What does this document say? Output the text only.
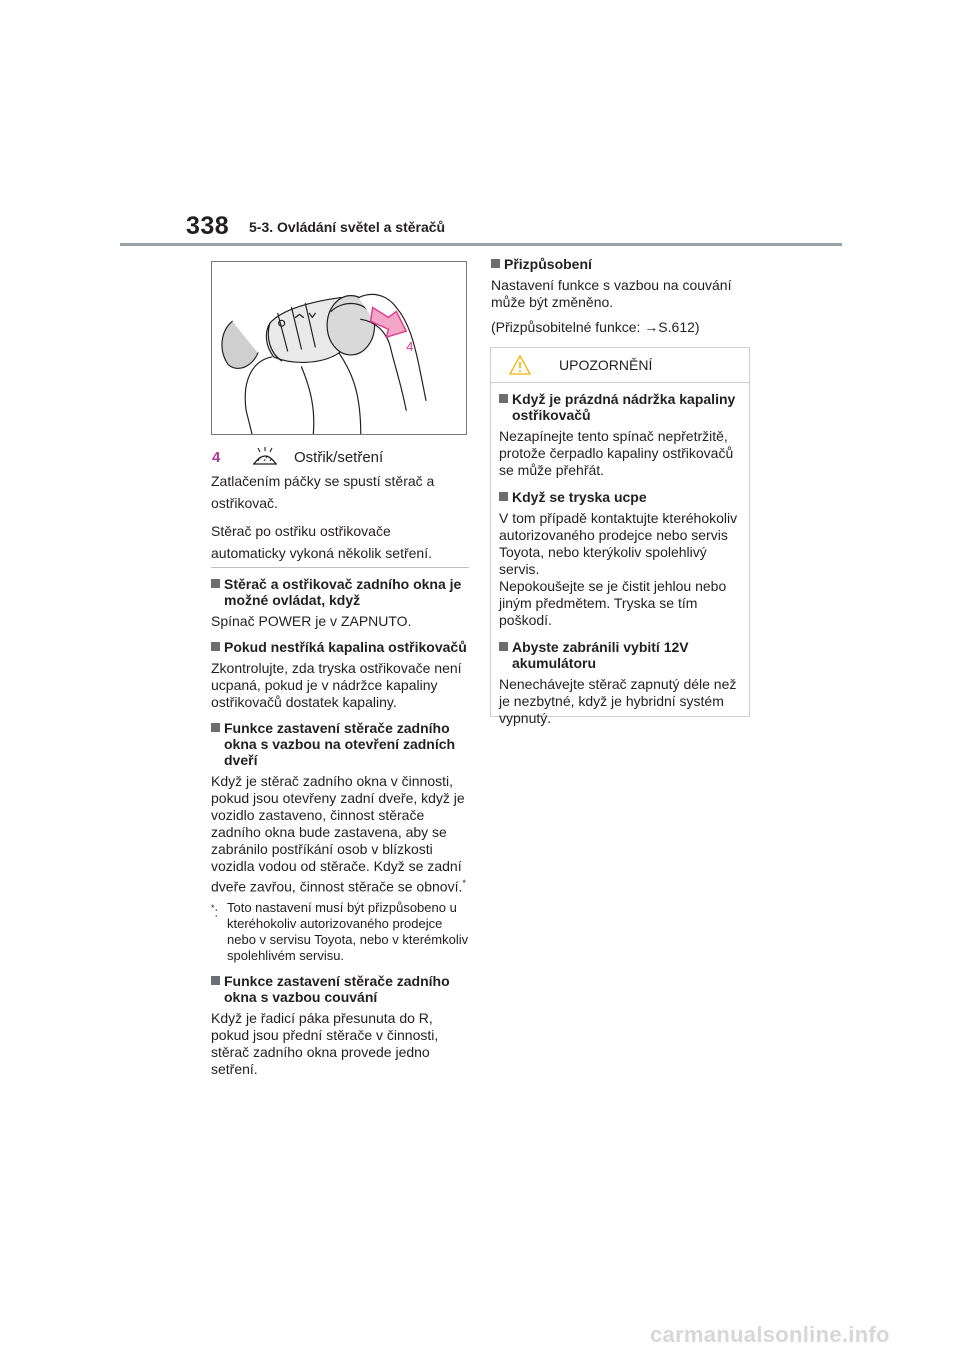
338 5-3. Ovládání světel a stěračů
4
4	Ostřik/setření

Zatlačením páčky se spustí stěrač a ostřikovač.

Stěrač po ostřiku ostřikovače automaticky vykoná několik setření.

Stěrač a ostřikovač zadního okna je možné ovládat, když

Spínač POWER je v ZAPNUTO.

Pokud nestříká kapalina ostřikovačů

Zkontrolujte, zda tryska ostřikovače není ucpaná, pokud je v nádržce kapaliny ostřikovačů dostatek kapaliny.

Funkce zastavení stěrače zadního okna s vazbou na otevření zadních dveří

Když je stěrač zadního okna v činnosti, pokud jsou otevřeny zadní dveře, když je vozidlo zastaveno, činnost stěrače zadního okna bude zastavena, aby se zabránilo postříkání osob v blízkosti vozidla vodou od stěrače. Když se zadní dveře zavřou, činnost stěrače se obnoví.*

*: Toto nastavení musí být přizpůsobeno u kteréhokoliv autorizovaného prodejce nebo v servisu Toyota, nebo v kterémkoliv spolehlivém servisu.
Funkce zastavení stěrače zadního okna s vazbou couvání

Když je řadicí páka přesunuta do R, pokud jsou přední stěrače v činnosti, stěrač zadního okna provede jedno setření.

Přizpůsobení

Nastavení funkce s vazbou na couvání může být změněno.

(Přizpůsobitelné funkce: →S.612)

UPOZORNĚNÍ
Když je prázdná nádržka kapaliny ostřikovačů

Nezapínejte tento spínač nepřetržitě, protože čerpadlo kapaliny ostřikovačů se může přehřát.

Když se tryska ucpe

V tom případě kontaktujte kteréhokoliv autorizovaného prodejce nebo servis Toyota, nebo kterýkoliv spolehlivý servis.

Nepokoušejte se je čistit jehlou nebo jiným předmětem. Tryska se tím poškodí.

Abyste zabránili vybití 12V akumulátoru

Nenechávejte stěrač zapnutý déle než je nezbytné, když je hybridní systém vypnutý.

carmanualsonline.info
